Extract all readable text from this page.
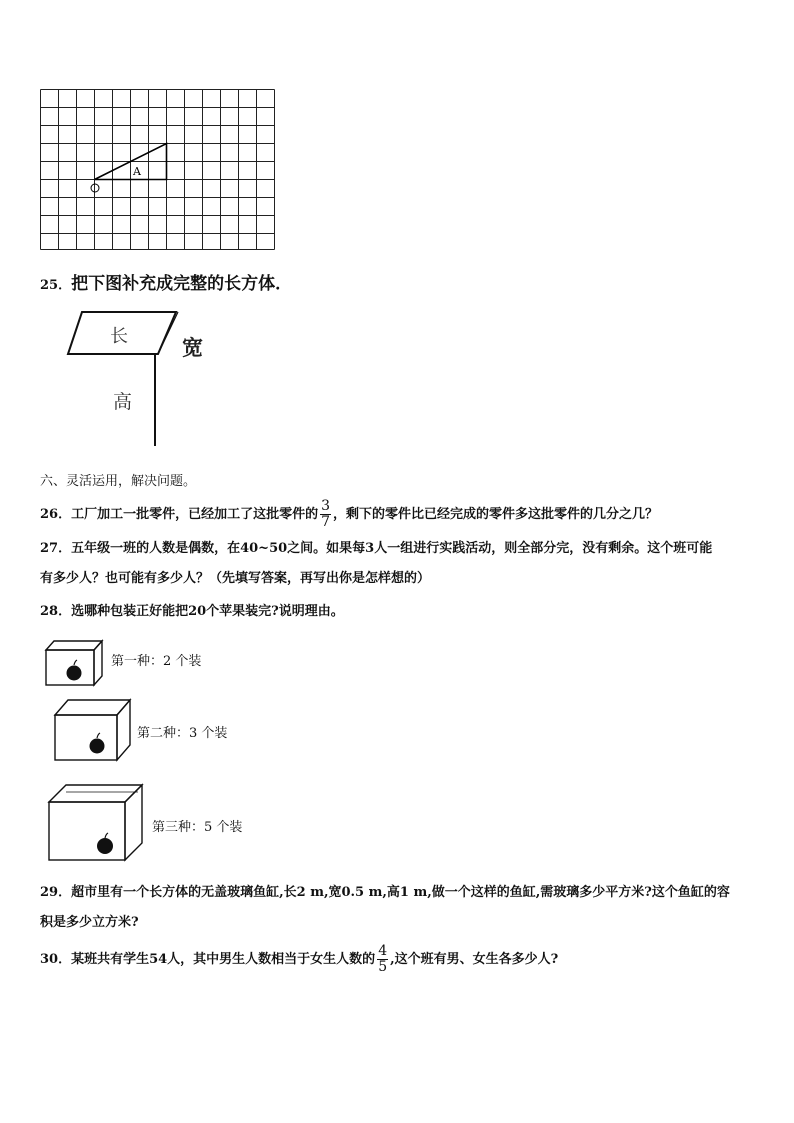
A
O
25．把下图补充成完整的长方体．
长	宽
高
六、灵活运用，解决问题。
26．工厂加工一批零件，已经加工了这批零件的 $\frac{3}{7}$ ，剩下的零件比已经完成的零件多这批零件的几分之几？
27．五年级一班的人数是偶数，在40~50之间。如果每3人一组进行实践活动，则全部分完，没有剩余。这个班可能
有多少人？也可能有多少人？（先填写答案，再写出你是怎样想的）
28．选哪种包装正好能把20个苹果装完?说明理由。
第一种：2 个装
第二种：3 个装
第三种：5 个装
29．超市里有一个长方体的无盖玻璃鱼缸,长2 m,宽0.5 m,高1 m,做一个这样的鱼缸,需玻璃多少平方米?这个鱼缸的容
积是多少立方米?
30．某班共有学生54人，其中男生人数相当于女生人数的 $\frac{4}{5}$ ,这个班有男、女生各多少人?
